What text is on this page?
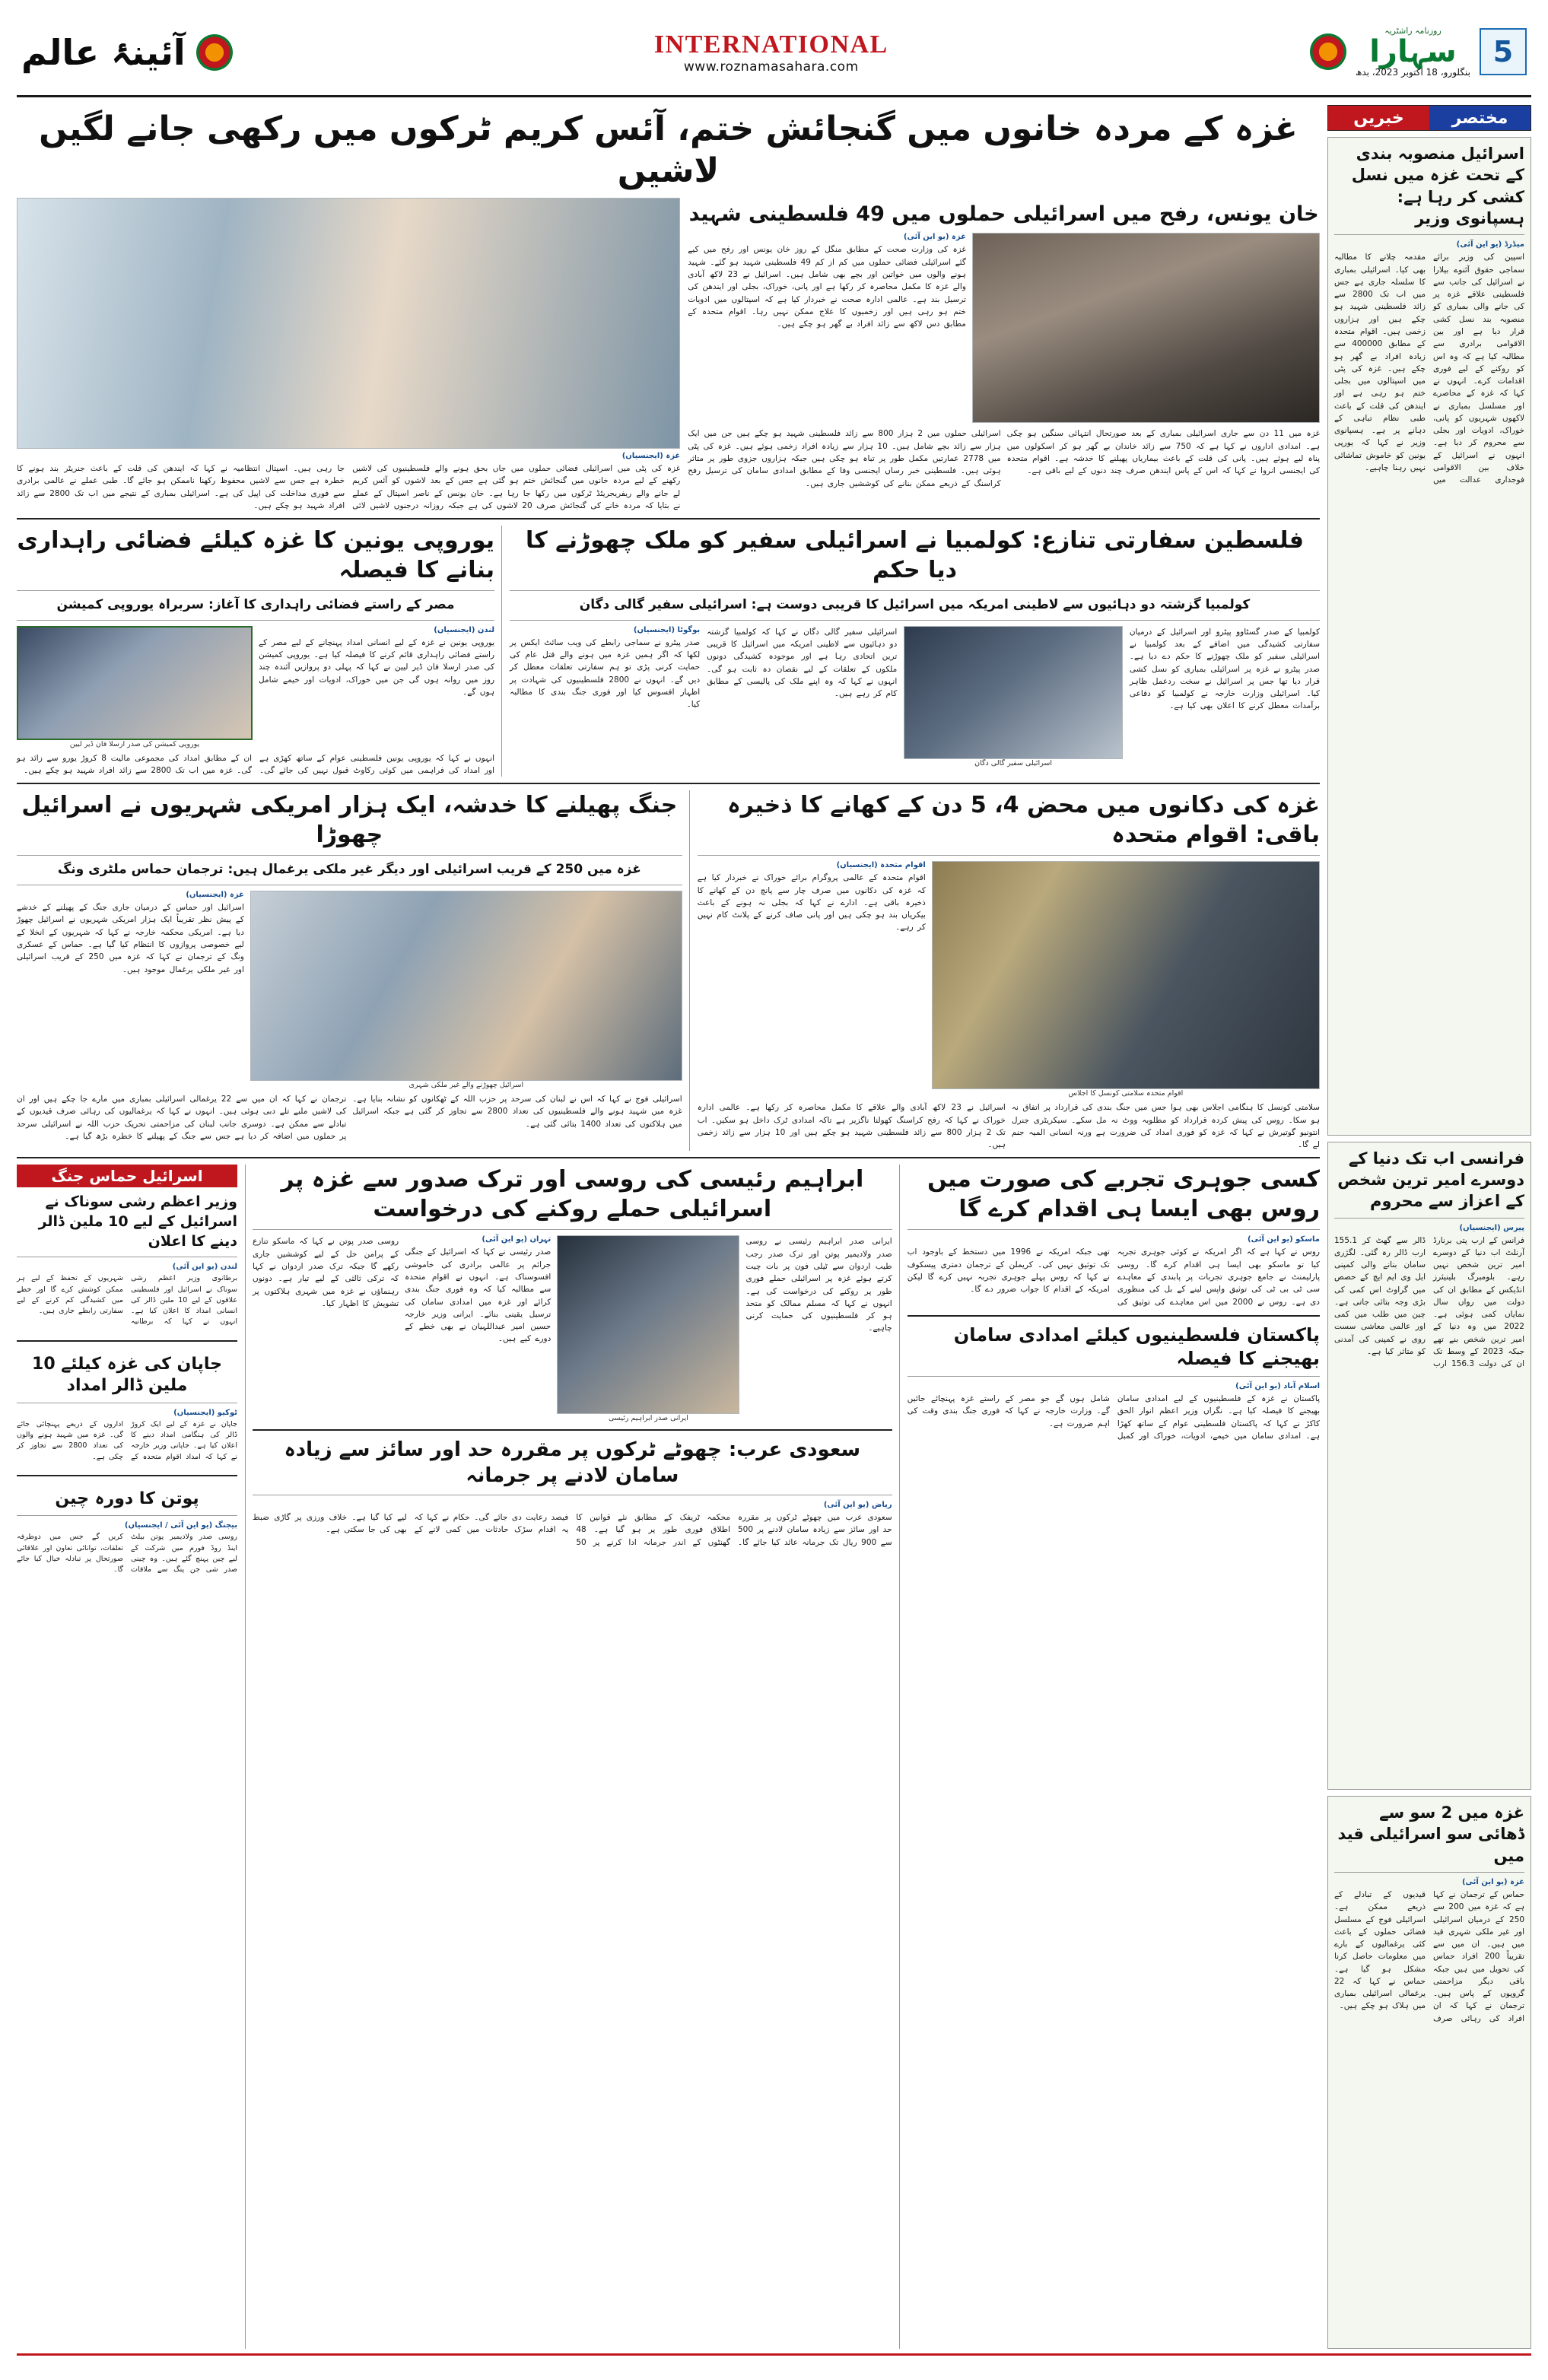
5
روزنامہ راشٹریہ
سہارا
بنگلورو، 18 اکتوبر 2023، بدھ
INTERNATIONAL
www.roznamasahara.com
آئینۂ عالم
مختصر
خبریں
اسرائیل منصوبہ بندی کے تحت غزہ میں نسل کشی کر رہا ہے: ہسپانوی وزیر
میڈرڈ (یو این آئی)
اسپین کی وزیر برائے سماجی حقوق آئنوے بیلارا نے اسرائیل کی جانب سے فلسطینی علاقے غزہ پر کی جانے والی بمباری کو منصوبہ بند نسل کشی قرار دیا ہے اور بین الاقوامی برادری سے مطالبہ کیا ہے کہ وہ اس کو روکنے کے لیے فوری اقدامات کرے۔ انہوں نے کہا کہ غزہ کے محاصرے اور مسلسل بمباری نے لاکھوں شہریوں کو پانی، خوراک، ادویات اور بجلی سے محروم کر دیا ہے۔ انہوں نے اسرائیل کے خلاف بین الاقوامی فوجداری عدالت میں مقدمہ چلانے کا مطالبہ بھی کیا۔ اسرائیلی بمباری کا سلسلہ جاری ہے جس میں اب تک 2800 سے زائد فلسطینی شہید ہو چکے ہیں اور ہزاروں زخمی ہیں۔ اقوام متحدہ کے مطابق 400000 سے زیادہ افراد بے گھر ہو چکے ہیں۔ غزہ کی پٹی میں اسپتالوں میں بجلی ختم ہو رہی ہے اور ایندھن کی قلت کے باعث طبی نظام تباہی کے دہانے پر ہے۔ ہسپانوی وزیر نے کہا کہ یورپی یونین کو خاموش تماشائی نہیں رہنا چاہیے۔
فرانسی اب تک دنیا کے دوسرے امیر ترین شخص کے اعزاز سے محروم
پیرس (ایجنسیاں)
فرانس کے ارب پتی برنارڈ آرنلٹ اب دنیا کے دوسرے امیر ترین شخص نہیں رہے۔ بلومبرگ بلینیئرز انڈیکس کے مطابق ان کی دولت میں رواں سال نمایاں کمی ہوئی ہے۔ 2022 میں وہ دنیا کے امیر ترین شخص بنے تھے جبکہ 2023 کے وسط تک ان کی دولت 156.3 ارب ڈالر سے گھٹ کر 155.1 ارب ڈالر رہ گئی۔ لگژری سامان بنانے والی کمپنی ایل وی ایم ایچ کے حصص میں گراوٹ اس کمی کی بڑی وجہ بتائی جاتی ہے۔ چین میں طلب میں کمی اور عالمی معاشی سست روی نے کمپنی کی آمدنی کو متاثر کیا ہے۔
غزہ میں 2 سو سے ڈھائی سو اسرائیلی قید میں
غزہ (یو این آئی)
حماس کے ترجمان نے کہا ہے کہ غزہ میں 200 سے 250 کے درمیان اسرائیلی اور غیر ملکی شہری قید میں ہیں۔ ان میں سے تقریباً 200 افراد حماس کی تحویل میں ہیں جبکہ باقی دیگر مزاحمتی گروپوں کے پاس ہیں۔ ترجمان نے کہا کہ ان افراد کی رہائی صرف قیدیوں کے تبادلے کے ذریعے ممکن ہے۔ اسرائیلی فوج کے مسلسل فضائی حملوں کے باعث کئی یرغمالیوں کے بارے میں معلومات حاصل کرنا مشکل ہو گیا ہے۔ حماس نے کہا کہ 22 یرغمالی اسرائیلی بمباری میں ہلاک ہو چکے ہیں۔
غزہ کے مردہ خانوں میں گنجائش ختم، آئس کریم ٹرکوں میں رکھی جانے لگیں لاشیں
خان یونس، رفح میں اسرائیلی حملوں میں 49 فلسطینی شہید
غزہ (یو این آئی)
غزہ کی وزارت صحت کے مطابق منگل کے روز خان یونس اور رفح میں کیے گئے اسرائیلی فضائی حملوں میں کم از کم 49 فلسطینی شہید ہو گئے۔ شہید ہونے والوں میں خواتین اور بچے بھی شامل ہیں۔ اسرائیل نے 23 لاکھ آبادی والے غزہ کا مکمل محاصرہ کر رکھا ہے اور پانی، خوراک، بجلی اور ایندھن کی ترسیل بند ہے۔ عالمی ادارہ صحت نے خبردار کیا ہے کہ اسپتالوں میں ادویات ختم ہو رہی ہیں اور زخمیوں کا علاج ممکن نہیں رہا۔ اقوام متحدہ کے مطابق دس لاکھ سے زائد افراد بے گھر ہو چکے ہیں۔
غزہ میں 11 دن سے جاری اسرائیلی بمباری کے بعد صورتحال انتہائی سنگین ہو چکی ہے۔ امدادی اداروں نے کہا ہے کہ 750 سے زائد خاندان بے گھر ہو کر اسکولوں میں پناہ لیے ہوئے ہیں۔ پانی کی قلت کے باعث بیماریاں پھیلنے کا خدشہ ہے۔ اقوام متحدہ کی ایجنسی انروا نے کہا کہ اس کے پاس ایندھن صرف چند دنوں کے لیے باقی ہے۔
اسرائیلی حملوں میں 2 ہزار 800 سے زائد فلسطینی شہید ہو چکے ہیں جن میں ایک ہزار سے زائد بچے شامل ہیں۔ 10 ہزار سے زیادہ افراد زخمی ہوئے ہیں۔ غزہ کی پٹی میں 2778 عمارتیں مکمل طور پر تباہ ہو چکی ہیں جبکہ ہزاروں جزوی طور پر متاثر ہوئی ہیں۔ فلسطینی خبر رساں ایجنسی وفا کے مطابق امدادی سامان کی ترسیل رفح کراسنگ کے ذریعے ممکن بنانے کی کوششیں جاری ہیں۔
غزہ (ایجنسیاں)
غزہ کی پٹی میں اسرائیلی فضائی حملوں میں جاں بحق ہونے والے فلسطینیوں کی لاشیں رکھنے کے لیے مردہ خانوں میں گنجائش ختم ہو گئی ہے جس کے بعد لاشوں کو آئس کریم لے جانے والے ریفریجریٹڈ ٹرکوں میں رکھا جا رہا ہے۔ خان یونس کے ناصر اسپتال کے عملے نے بتایا کہ مردہ خانے کی گنجائش صرف 20 لاشوں کی ہے جبکہ روزانہ درجنوں لاشیں لائی جا رہی ہیں۔ اسپتال انتظامیہ نے کہا کہ ایندھن کی قلت کے باعث جنریٹر بند ہونے کا خطرہ ہے جس سے لاشیں محفوظ رکھنا ناممکن ہو جائے گا۔ طبی عملے نے عالمی برادری سے فوری مداخلت کی اپیل کی ہے۔ اسرائیلی بمباری کے نتیجے میں اب تک 2800 سے زائد افراد شہید ہو چکے ہیں۔
فلسطین سفارتی تنازع: کولمبیا نے اسرائیلی سفیر کو ملک چھوڑنے کا دیا حکم
کولمبیا گزشتہ دو دہائیوں سے لاطینی امریکہ میں اسرائیل کا قریبی دوست ہے: اسرائیلی سفیر گالی دگان
کولمبیا کے صدر گسٹاوو پیٹرو اور اسرائیل کے درمیان سفارتی کشیدگی میں اضافے کے بعد کولمبیا نے اسرائیلی سفیر کو ملک چھوڑنے کا حکم دے دیا ہے۔ صدر پیٹرو نے غزہ پر اسرائیلی بمباری کو نسل کشی قرار دیا تھا جس پر اسرائیل نے سخت ردعمل ظاہر کیا۔ اسرائیلی وزارت خارجہ نے کولمبیا کو دفاعی برآمدات معطل کرنے کا اعلان بھی کیا ہے۔
اسرائیلی سفیر گالی دگان
اسرائیلی سفیر گالی دگان نے کہا کہ کولمبیا گزشتہ دو دہائیوں سے لاطینی امریکہ میں اسرائیل کا قریبی ترین اتحادی رہا ہے اور موجودہ کشیدگی دونوں ملکوں کے تعلقات کے لیے نقصان دہ ثابت ہو گی۔ انہوں نے کہا کہ وہ اپنے ملک کی پالیسی کے مطابق کام کر رہے ہیں۔
بوگوٹا (ایجنسیاں)
صدر پیٹرو نے سماجی رابطے کی ویب سائٹ ایکس پر لکھا کہ اگر ہمیں غزہ میں ہونے والے قتل عام کی حمایت کرنی پڑی تو ہم سفارتی تعلقات معطل کر دیں گے۔ انہوں نے 2800 فلسطینیوں کی شہادت پر اظہار افسوس کیا اور فوری جنگ بندی کا مطالبہ کیا۔
یوروپی یونین کا غزہ کیلئے فضائی راہداری بنانے کا فیصلہ
مصر کے راستے فضائی راہداری کا آغاز: سربراہ یوروپی کمیشن
لندن (ایجنسیاں)
یوروپی یونین نے غزہ کے لیے انسانی امداد پہنچانے کے لیے مصر کے راستے فضائی راہداری قائم کرنے کا فیصلہ کیا ہے۔ یوروپی کمیشن کی صدر ارسلا فان ڈیر لیین نے کہا کہ پہلی دو پروازیں آئندہ چند روز میں روانہ ہوں گی جن میں خوراک، ادویات اور خیمے شامل ہوں گے۔
یوروپی کمیشن کی صدر ارسلا فان ڈیر لیین
انہوں نے کہا کہ یوروپی یونین فلسطینی عوام کے ساتھ کھڑی ہے اور امداد کی فراہمی میں کوئی رکاوٹ قبول نہیں کی جائے گی۔ ان کے مطابق امداد کی مجموعی مالیت 8 کروڑ یورو سے زائد ہو گی۔ غزہ میں اب تک 2800 سے زائد افراد شہید ہو چکے ہیں۔
غزہ کی دکانوں میں محض 4، 5 دن کے کھانے کا ذخیرہ باقی: اقوام متحدہ
اقوام متحدہ سلامتی کونسل کا اجلاس
اقوام متحدہ (ایجنسیاں)
اقوام متحدہ کے عالمی پروگرام برائے خوراک نے خبردار کیا ہے کہ غزہ کی دکانوں میں صرف چار سے پانچ دن کے کھانے کا ذخیرہ باقی ہے۔ ادارے نے کہا کہ بجلی نہ ہونے کے باعث بیکریاں بند ہو چکی ہیں اور پانی صاف کرنے کے پلانٹ کام نہیں کر رہے۔
سلامتی کونسل کا ہنگامی اجلاس بھی ہوا جس میں جنگ بندی کی قرارداد پر اتفاق نہ ہو سکا۔ روس کی پیش کردہ قرارداد کو مطلوبہ ووٹ نہ مل سکے۔ سیکریٹری جنرل انتونیو گوتیرش نے کہا کہ غزہ کو فوری امداد کی ضرورت ہے ورنہ انسانی المیہ جنم لے گا۔
اسرائیل نے 23 لاکھ آبادی والے علاقے کا مکمل محاصرہ کر رکھا ہے۔ عالمی ادارہ خوراک نے کہا کہ رفح کراسنگ کھولنا ناگزیر ہے تاکہ امدادی ٹرک داخل ہو سکیں۔ اب تک 2 ہزار 800 سے زائد فلسطینی شہید ہو چکے ہیں اور 10 ہزار سے زائد زخمی ہیں۔
جنگ پھیلنے کا خدشہ، ایک ہزار امریکی شہریوں نے اسرائیل چھوڑا
غزہ میں 250 کے قریب اسرائیلی اور دیگر غیر ملکی یرغمال ہیں: ترجمان حماس ملٹری ونگ
اسرائیل چھوڑنے والے غیر ملکی شہری
غزہ (ایجنسیاں)
اسرائیل اور حماس کے درمیان جاری جنگ کے پھیلنے کے خدشے کے پیش نظر تقریباً ایک ہزار امریکی شہریوں نے اسرائیل چھوڑ دیا ہے۔ امریکی محکمہ خارجہ نے کہا کہ شہریوں کے انخلا کے لیے خصوصی پروازوں کا انتظام کیا گیا ہے۔ حماس کے عسکری ونگ کے ترجمان نے کہا کہ غزہ میں 250 کے قریب اسرائیلی اور غیر ملکی یرغمال موجود ہیں۔
اسرائیلی فوج نے کہا کہ اس نے لبنان کی سرحد پر حزب اللہ کے ٹھکانوں کو نشانہ بنایا ہے۔ غزہ میں شہید ہونے والے فلسطینیوں کی تعداد 2800 سے تجاوز کر گئی ہے جبکہ اسرائیل میں ہلاکتوں کی تعداد 1400 بتائی گئی ہے۔
ترجمان نے کہا کہ ان میں سے 22 یرغمالی اسرائیلی بمباری میں مارے جا چکے ہیں اور ان کی لاشیں ملبے تلے دبی ہوئی ہیں۔ انہوں نے کہا کہ یرغمالیوں کی رہائی صرف قیدیوں کے تبادلے سے ممکن ہے۔ دوسری جانب لبنان کی مزاحمتی تحریک حزب اللہ نے اسرائیلی سرحد پر حملوں میں اضافہ کر دیا ہے جس سے جنگ کے پھیلنے کا خطرہ بڑھ گیا ہے۔
کسی جوہری تجربے کی صورت میں روس بھی ایسا ہی اقدام کرے گا
ماسکو (یو این آئی)
روس نے کہا ہے کہ اگر امریکہ نے کوئی جوہری تجربہ کیا تو ماسکو بھی ایسا ہی اقدام کرے گا۔ روسی پارلیمنٹ نے جامع جوہری تجربات پر پابندی کے معاہدے سی ٹی بی ٹی کی توثیق واپس لینے کے بل کی منظوری دی ہے۔ روس نے 2000 میں اس معاہدے کی توثیق کی تھی جبکہ امریکہ نے 1996 میں دستخط کے باوجود اب تک توثیق نہیں کی۔ کریملن کے ترجمان دمتری پیسکوف نے کہا کہ روس پہلے جوہری تجربہ نہیں کرے گا لیکن امریکہ کے اقدام کا جواب ضرور دے گا۔
پاکستان فلسطینیوں کیلئے امدادی سامان بھیجنے کا فیصلہ
اسلام آباد (یو این آئی)
پاکستان نے غزہ کے فلسطینیوں کے لیے امدادی سامان بھیجنے کا فیصلہ کیا ہے۔ نگراں وزیر اعظم انوار الحق کاکڑ نے کہا کہ پاکستان فلسطینی عوام کے ساتھ کھڑا ہے۔ امدادی سامان میں خیمے، ادویات، خوراک اور کمبل شامل ہوں گے جو مصر کے راستے غزہ پہنچائے جائیں گے۔ وزارت خارجہ نے کہا کہ فوری جنگ بندی وقت کی اہم ضرورت ہے۔
ابراہیم رئیسی کی روسی اور ترک صدور سے غزہ پر اسرائیلی حملے روکنے کی درخواست
ایرانی صدر ابراہیم رئیسی نے روسی صدر ولادیمیر پوتن اور ترک صدر رجب طیب اردوان سے ٹیلی فون پر بات چیت کرتے ہوئے غزہ پر اسرائیلی حملے فوری طور پر روکنے کی درخواست کی ہے۔ انہوں نے کہا کہ مسلم ممالک کو متحد ہو کر فلسطینیوں کی حمایت کرنی چاہیے۔
ایرانی صدر ابراہیم رئیسی
تہران (یو این آئی)
صدر رئیسی نے کہا کہ اسرائیل کے جنگی جرائم پر عالمی برادری کی خاموشی افسوسناک ہے۔ انہوں نے اقوام متحدہ سے مطالبہ کیا کہ وہ فوری جنگ بندی کرائے اور غزہ میں امدادی سامان کی ترسیل یقینی بنائے۔ ایرانی وزیر خارجہ حسین امیر عبداللہیان نے بھی خطے کے دورے کیے ہیں۔
روسی صدر پوتن نے کہا کہ ماسکو تنازع کے پرامن حل کے لیے کوششیں جاری رکھے گا جبکہ ترک صدر اردوان نے کہا کہ ترکی ثالثی کے لیے تیار ہے۔ دونوں رہنماؤں نے غزہ میں شہری ہلاکتوں پر تشویش کا اظہار کیا۔
سعودی عرب: چھوٹے ٹرکوں پر مقررہ حد اور سائز سے زیادہ سامان لادنے پر جرمانہ
ریاض (یو این آئی)
سعودی عرب میں چھوٹے ٹرکوں پر مقررہ حد اور سائز سے زیادہ سامان لادنے پر 500 سے 900 ریال تک جرمانہ عائد کیا جائے گا۔ محکمہ ٹریفک کے مطابق نئے قوانین کا اطلاق فوری طور پر ہو گیا ہے۔ 48 گھنٹوں کے اندر جرمانہ ادا کرنے پر 50 فیصد رعایت دی جائے گی۔ حکام نے کہا کہ یہ اقدام سڑک حادثات میں کمی لانے کے لیے کیا گیا ہے۔ خلاف ورزی پر گاڑی ضبط بھی کی جا سکتی ہے۔
اسرائیل حماس جنگ
وزیر اعظم رشی سوناک نے اسرائیل کے لیے 10 ملین ڈالر دینے کا اعلان
لندن (یو این آئی)
برطانوی وزیر اعظم رشی سوناک نے اسرائیل اور فلسطینی علاقوں کے لیے 10 ملین ڈالر کی انسانی امداد کا اعلان کیا ہے۔ انہوں نے کہا کہ برطانیہ شہریوں کے تحفظ کے لیے ہر ممکن کوشش کرے گا اور خطے میں کشیدگی کم کرنے کے لیے سفارتی رابطے جاری ہیں۔
جاپان کی غزہ کیلئے 10 ملین ڈالر امداد
ٹوکیو (ایجنسیاں)
جاپان نے غزہ کے لیے ایک کروڑ ڈالر کی ہنگامی امداد دینے کا اعلان کیا ہے۔ جاپانی وزیر خارجہ نے کہا کہ امداد اقوام متحدہ کے اداروں کے ذریعے پہنچائی جائے گی۔ غزہ میں شہید ہونے والوں کی تعداد 2800 سے تجاوز کر چکی ہے۔
پوتن کا دورہ چین
بیجنگ (یو این آئی / ایجنسیاں)
روسی صدر ولادیمیر پوتن بیلٹ اینڈ روڈ فورم میں شرکت کے لیے چین پہنچ گئے ہیں۔ وہ چینی صدر شی جن پنگ سے ملاقات کریں گے جس میں دوطرفہ تعلقات، توانائی تعاون اور علاقائی صورتحال پر تبادلہ خیال کیا جائے گا۔
